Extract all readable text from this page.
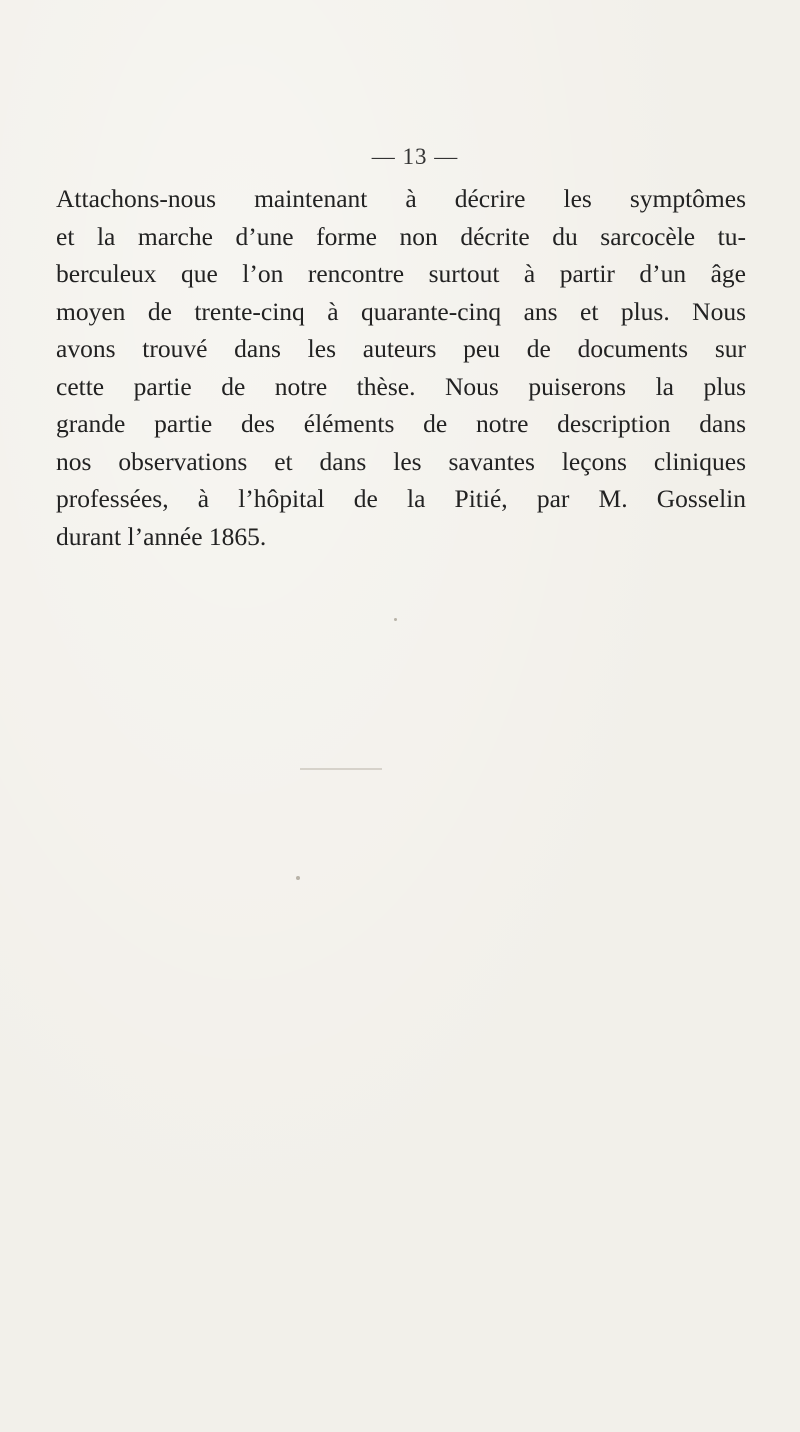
— 13 —
Attachons-nous maintenant à décrire les symptômes
et la marche d’une forme non décrite du sarcocèle tu-
berculeux que l’on rencontre surtout à partir d’un âge
moyen de trente-cinq à quarante-cinq ans et plus. Nous
avons trouvé dans les auteurs peu de documents sur
cette partie de notre thèse. Nous puiserons la plus
grande partie des éléments de notre description dans
nos observations et dans les savantes leçons cliniques
professées, à l’hôpital de la Pitié, par M. Gosselin
durant l’année 1865.
